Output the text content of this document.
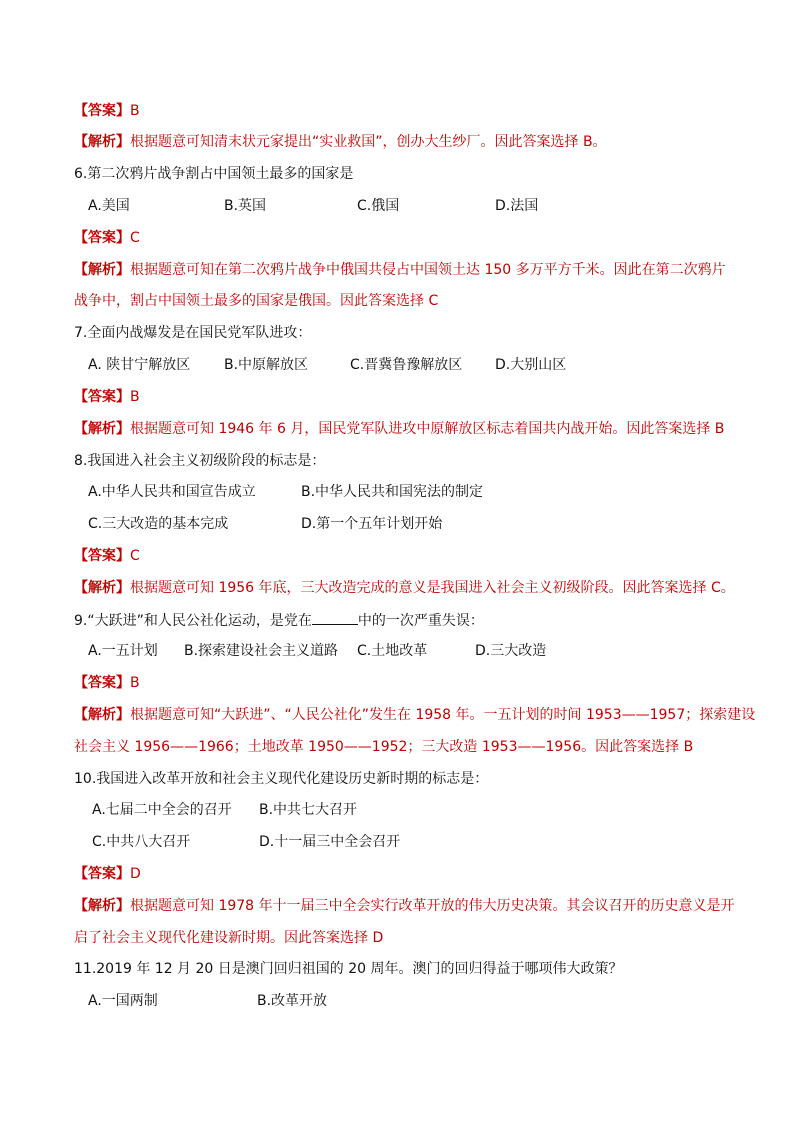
【答案】B
【解析】根据题意可知清末状元家提出“实业救国”，创办大生纱厂。因此答案选择 B。
6.第二次鸦片战争割占中国领土最多的国家是
A.美国	B.英国	C.俄国	D.法国
【答案】C
【解析】根据题意可知在第二次鸦片战争中俄国共侵占中国领土达 150 多万平方千米。因此在第二次鸦片
战争中，割占中国领土最多的国家是俄国。因此答案选择 C
7.全面内战爆发是在国民党军队进攻：
A. 陕甘宁解放区 B.中原解放区	C.晋冀鲁豫解放区 D.大别山区
【答案】B
【解析】根据题意可知 1946 年 6 月，国民党军队进攻中原解放区标志着国共内战开始。因此答案选择 B
8.我国进入社会主义初级阶段的标志是：
A.中华人民共和国宣告成立	B.中华人民共和国宪法的制定
C.三大改造的基本完成	D.第一个五年计划开始
【答案】C
【解析】根据题意可知 1956 年底，三大改造完成的意义是我国进入社会主义初级阶段。因此答案选择 C。
9.“大跃进”和人民公社化运动，是党在	中的一次严重失误：
A.一五计划 B.探索建设社会主义道路 C.土地改革	D.三大改造
【答案】B
【解析】根据题意可知“大跃进”、“人民公社化”发生在 1958 年。一五计划的时间 1953——1957；探索建设
社会主义 1956——1966；土地改革 1950——1952；三大改造 1953——1956。因此答案选择 B
10.我国进入改革开放和社会主义现代化建设历史新时期的标志是：
A.七届二中全会的召开 B.中共七大召开
C.中共八大召开	D.十一届三中全会召开
【答案】D
【解析】根据题意可知 1978 年十一届三中全会实行改革开放的伟大历史决策。其会议召开的历史意义是开
启了社会主义现代化建设新时期。因此答案选择 D
11.2019 年 12 月 20 日是澳门回归祖国的 20 周年。澳门的回归得益于哪项伟大政策？
A.一国两制	B.改革开放
